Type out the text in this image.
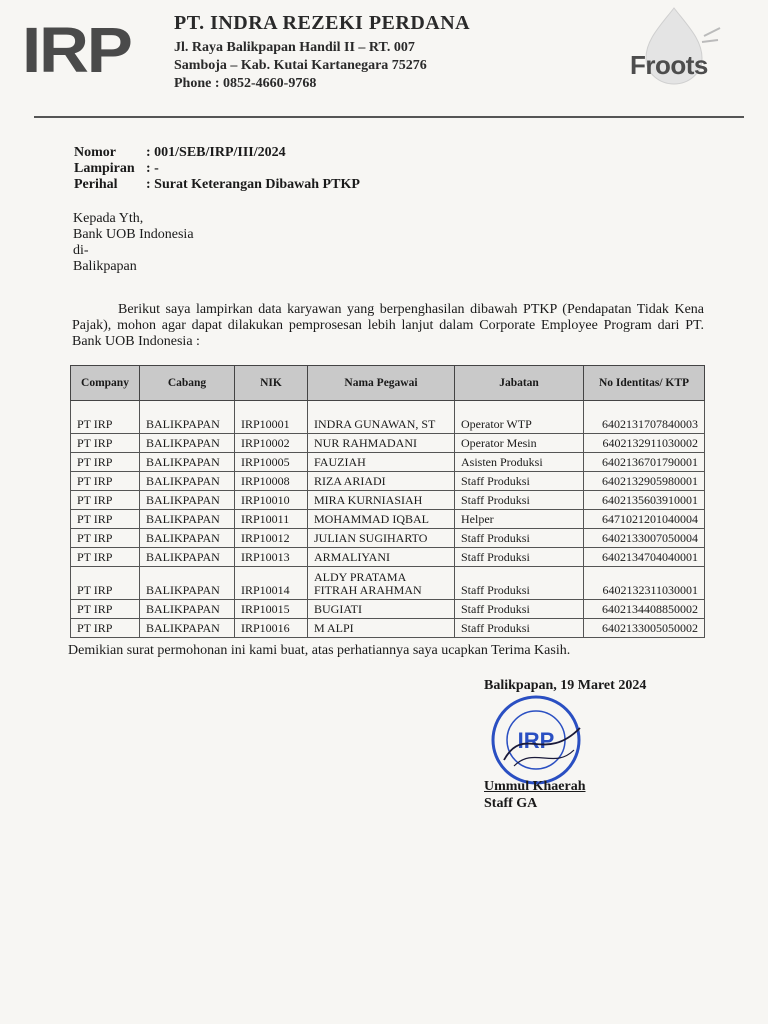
IRP PT. INDRA REZEKI PERDANA
Jl. Raya Balikpapan Handil II – RT. 007
Samboja – Kab. Kutai Kartanegara 75276
Phone : 0852-4660-9768
Froots
Nomor : 001/SEB/IRP/III/2024
Lampiran : -
Perihal : Surat Keterangan Dibawah PTKP
Kepada Yth,
Bank UOB Indonesia
di-
Balikpapan
Berikut saya lampirkan data karyawan yang berpenghasilan dibawah PTKP (Pendapatan Tidak Kena Pajak), mohon agar dapat dilakukan pemprosesan lebih lanjut dalam Corporate Employee Program dari PT. Bank UOB Indonesia :
Company	Cabang	NIK	Nama Pegawai	Jabatan	No Identitas/ KTP
PT IRP	BALIKPAPAN	IRP10001	INDRA GUNAWAN, ST	Operator WTP	6402131707840003
PT IRP	BALIKPAPAN	IRP10002	NUR RAHMADANI	Operator Mesin	6402132911030002
PT IRP	BALIKPAPAN	IRP10005	FAUZIAH	Asisten Produksi	6402136701790001
PT IRP	BALIKPAPAN	IRP10008	RIZA ARIADI	Staff Produksi	6402132905980001
PT IRP	BALIKPAPAN	IRP10010	MIRA KURNIASIAH	Staff Produksi	6402135603910001
PT IRP	BALIKPAPAN	IRP10011	MOHAMMAD IQBAL	Helper	6471021201040004
PT IRP	BALIKPAPAN	IRP10012	JULIAN SUGIHARTO	Staff Produksi	6402133007050004
PT IRP	BALIKPAPAN	IRP10013	ARMALIYANI	Staff Produksi	6402134704040001
PT IRP	BALIKPAPAN	IRP10014	ALDY PRATAMA FITRAH ARAHMAN	Staff Produksi	6402132311030001
PT IRP	BALIKPAPAN	IRP10015	BUGIATI	Staff Produksi	6402134408850002
PT IRP	BALIKPAPAN	IRP10016	M ALPI	Staff Produksi	6402133005050002
Demikian surat permohonan ini kami buat, atas perhatiannya saya ucapkan Terima Kasih.
Balikpapan, 19 Maret 2024
IRP
Ummul Khaerah
Staff GA
